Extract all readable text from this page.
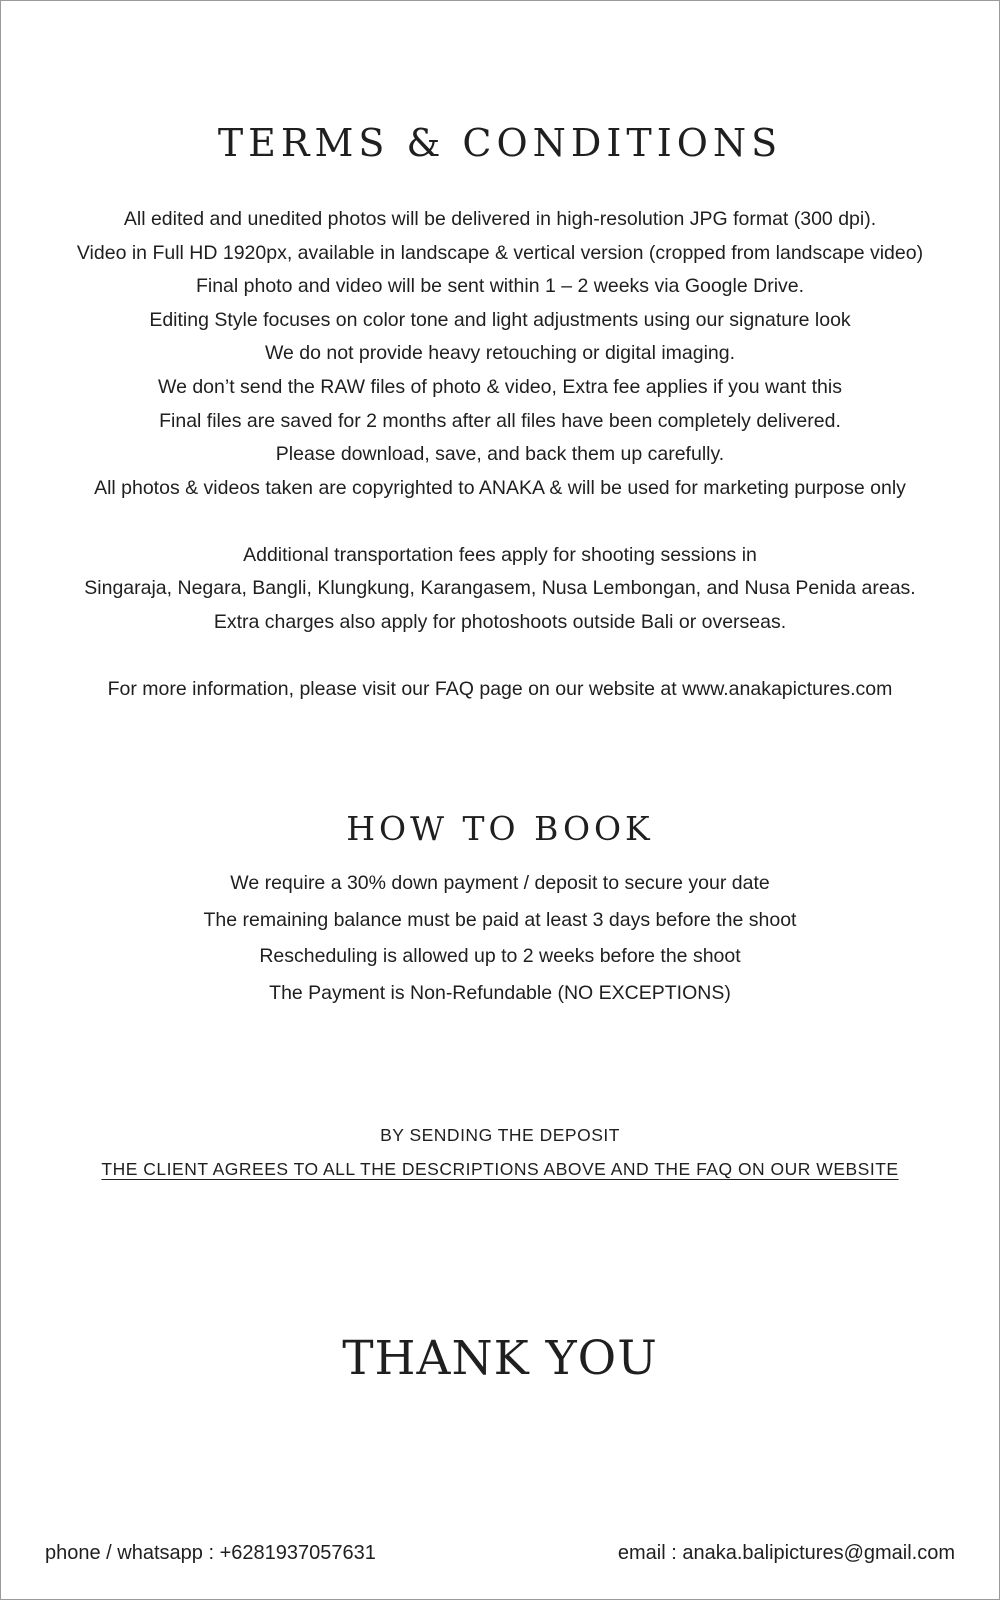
TERMS & CONDITIONS
All edited and unedited photos will be delivered in high-resolution JPG format (300 dpi).
Video in Full HD 1920px, available in landscape & vertical version (cropped from landscape video)
Final photo and video will be sent within 1 – 2 weeks via Google Drive.
Editing Style focuses on color tone and light adjustments using our signature look
We do not provide heavy retouching or digital imaging.
We don’t send the RAW files of photo & video, Extra fee applies if you want this
Final files are saved for 2 months after all files have been completely delivered.
Please download, save, and back them up carefully.
All photos & videos taken are copyrighted to ANAKA & will be used for marketing purpose only
Additional transportation fees apply for shooting sessions in
Singaraja, Negara, Bangli, Klungkung, Karangasem, Nusa Lembongan, and Nusa Penida areas.
Extra charges also apply for photoshoots outside Bali or overseas.

For more information, please visit our FAQ page on our website at www.anakapictures.com

HOW TO BOOK
We require a 30% down payment / deposit to secure your date
The remaining balance must be paid at least 3 days before the shoot
Rescheduling is allowed up to 2 weeks before the shoot
The Payment is Non-Refundable (NO EXCEPTIONS)
BY SENDING THE DEPOSIT
THE CLIENT AGREES TO ALL THE DESCRIPTIONS ABOVE AND THE FAQ ON OUR WEBSITE
THANK YOU
phone / whatsapp : +6281937057631	email : anaka.balipictures@gmail.com
